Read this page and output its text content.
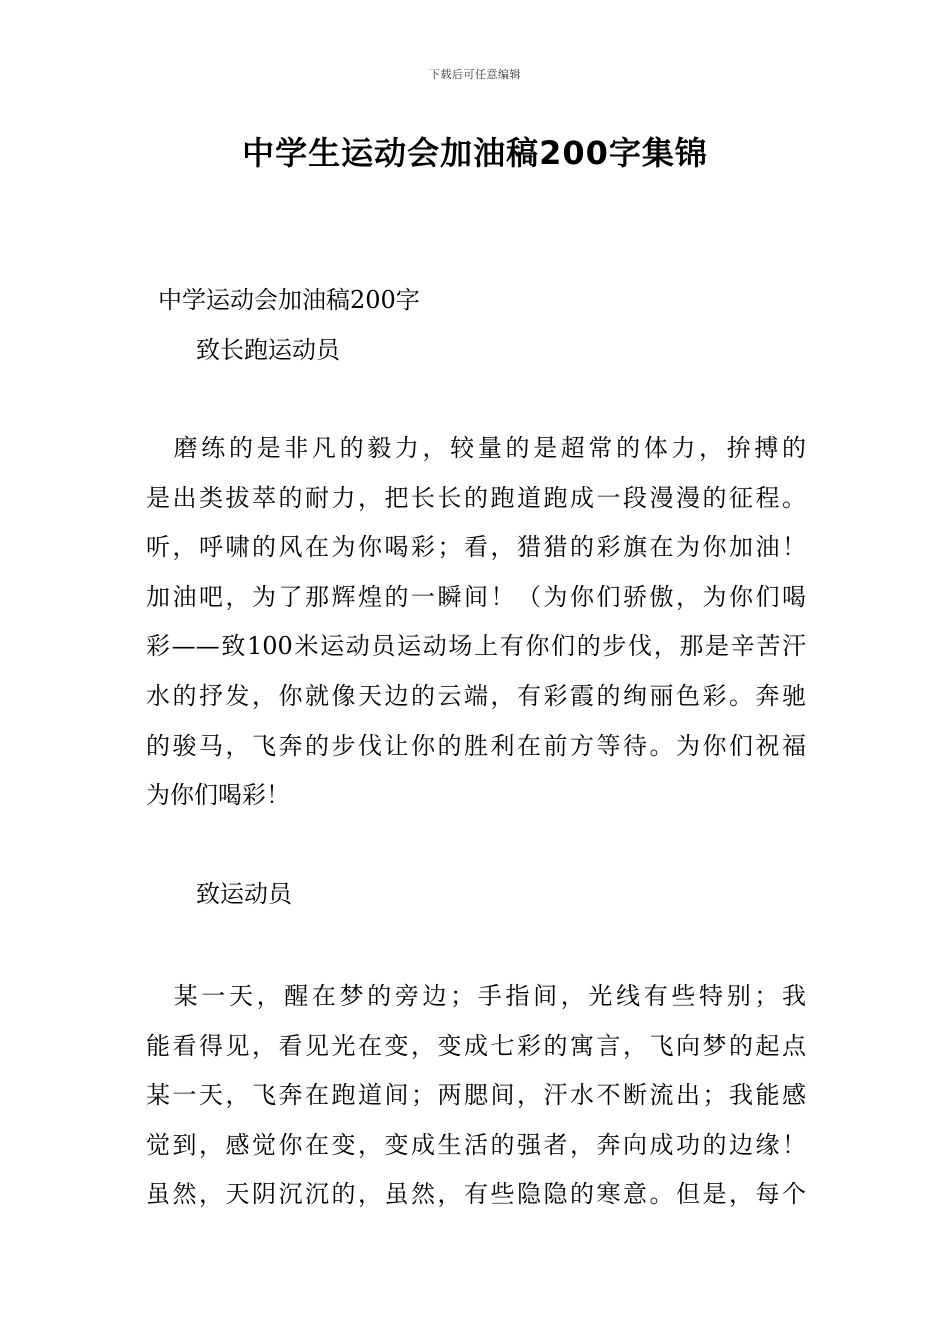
下载后可任意编辑
中学生运动会加油稿200字集锦
中学运动会加油稿200字
致长跑运动员
　磨练的是非凡的毅力，较量的是超常的体力，拚搏的
是出类拔萃的耐力，把长长的跑道跑成一段漫漫的征程。
听，呼啸的风在为你喝彩；看，猎猎的彩旗在为你加油！
加油吧，为了那辉煌的一瞬间！（为你们骄傲，为你们喝
彩——致100米运动员运动场上有你们的步伐，那是辛苦汗
水的抒发，你就像天边的云端，有彩霞的绚丽色彩。奔驰
的骏马，飞奔的步伐让你的胜利在前方等待。为你们祝福
为你们喝彩！
致运动员
　某一天，醒在梦的旁边；手指间，光线有些特别；我
能看得见，看见光在变，变成七彩的寓言，飞向梦的起点
某一天，飞奔在跑道间；两腮间，汗水不断流出；我能感
觉到，感觉你在变，变成生活的强者，奔向成功的边缘！
虽然，天阴沉沉的，虽然，有些隐隐的寒意。但是，每个
